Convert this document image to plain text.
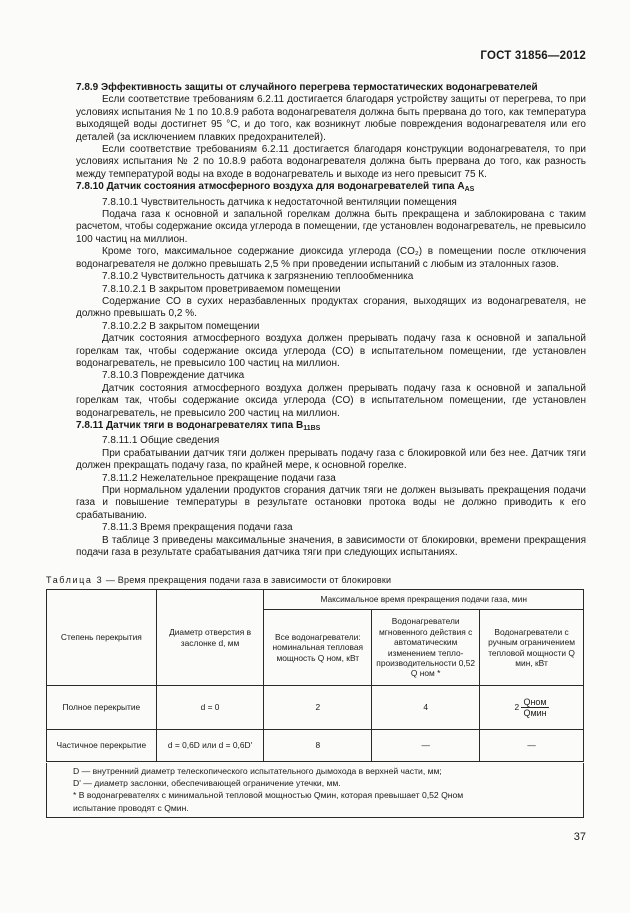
ГОСТ 31856—2012

7.8.9 Эффективность защиты от случайного перегрева термостатических водонагревателей

Если соответствие требованиям 6.2.11 достигается благодаря устройству защиты от перегрева, то при условиях испытания № 1 по 10.8.9 работа водонагревателя должна быть прервана до того, как температура выходящей воды достигнет 95 °С, и до того, как возникнут любые повреждения водонагревателя или его деталей (за исключением плавких предохранителей).

Если соответствие требованиям 6.2.11 достигается благодаря конструкции водонагревателя, то при условиях испытания № 2 по 10.8.9 работа водонагревателя должна быть прервана до того, как разность между температурой воды на входе в водонагреватель и выходе из него превысит 75 К.

7.8.10 Датчик состояния атмосферного воздуха для водонагревателей типа $А_{AS}$

7.8.10.1 Чувствительность датчика к недостаточной вентиляции помещения

Подача газа к основной и запальной горелкам должна быть прекращена и заблокирована с таким расчетом, чтобы содержание оксида углерода в помещении, где установлен водонагреватель, не превысило 100 частиц на миллион.

Кроме того, максимальное содержание диоксида углерода (CO₂) в помещении после отключения водонагревателя не должно превышать 2,5 % при проведении испытаний с любым из эталонных газов.

7.8.10.2 Чувствительность датчика к загрязнению теплообменника

7.8.10.2.1 В закрытом проветриваемом помещении

Содержание CO в сухих неразбавленных продуктах сгорания, выходящих из водонагревателя, не должно превышать 0,2 %.

7.8.10.2.2 В закрытом помещении

Датчик состояния атмосферного воздуха должен прерывать подачу газа к основной и запальной горелкам так, чтобы содержание оксида углерода (CO) в испытательном помещении, где установлен водонагреватель, не превысило 100 частиц на миллион.

7.8.10.3 Повреждение датчика

Датчик состояния атмосферного воздуха должен прерывать подачу газа к основной и запальной горелкам так, чтобы содержание оксида углерода (CO) в испытательном помещении, где установлен водонагреватель, не превысило 200 частиц на миллион.

7.8.11 Датчик тяги в водонагревателях типа $В_{11BS}$

7.8.11.1 Общие сведения

При срабатывании датчик тяги должен прерывать подачу газа с блокировкой или без нее. Датчик тяги должен прекращать подачу газа, по крайней мере, к основной горелке.

7.8.11.2 Нежелательное прекращение подачи газа

При нормальном удалении продуктов сгорания датчик тяги не должен вызывать прекращения подачи газа и повышение температуры в результате остановки протока воды не должно приводить к его срабатыванию.

7.8.11.3 Время прекращения подачи газа

В таблице 3 приведены максимальные значения, в зависимости от блокировки, времени прекращения подачи газа в результате срабатывания датчика тяги при следующих испытаниях.

Таблица 3 — Время прекращения подачи газа в зависимости от блокировки
Степень перекрытия	Диаметр отверстия в заслонке d, мм	Максимальное время прекращения подачи газа, мин		
		Все водонагреватели: номинальная тепловая мощность Q ном, кВт	Водонагреватели мгновенного действия с автоматическим изменением тепло-производительности 0,52 Q ном *	Водонагреватели с ручным ограничением тепловой мощности Q мин, кВт
Полное перекрытие	d = 0	2	4	$2 \frac{\text{Qном}}{\text{Qмин}}$

Частичное перекрытие	d = 0,6D или d = 0,6D'	8	—	—
D — внутренний диаметр телескопического испытательного дымохода в верхней части, мм;
D' — диаметр заслонки, обеспечивающей ограничение утечки, мм.
* В водонагревателях с минимальной тепловой мощностью Qмин, которая превышает 0,52 Qном
испытание проводят с Qмин.
37
